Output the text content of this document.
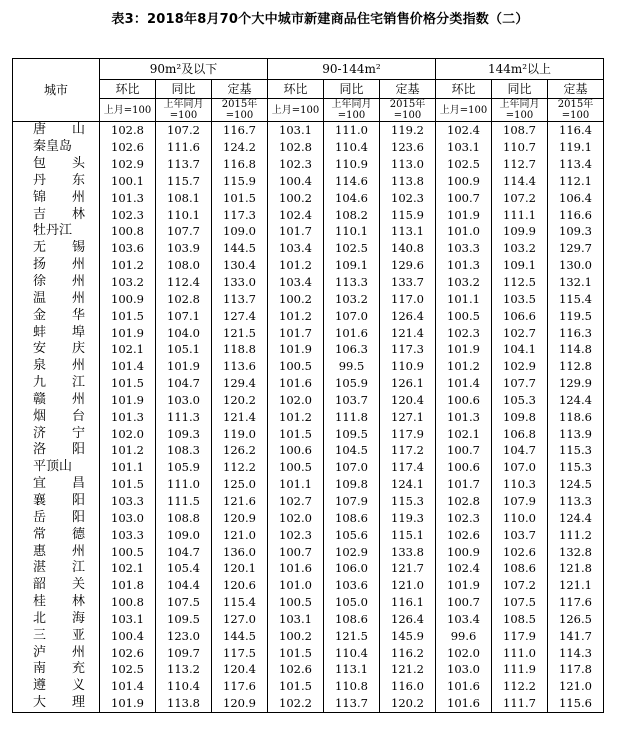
表3：2018年8月70个大中城市新建商品住宅销售价格分类指数（二）
城市	90m²及以下			90-144m²			144m²以上		
	环比	同比	定基	环比	同比	定基	环比	同比	定基
	上月=100	上年同月=100	2015年=100	上月=100	上年同月=100	2015年=100	上月=100	上年同月=100	2015年=100
唐　　山	102.8	107.2	116.7	103.1	111.0	119.2	102.4	108.7	116.4
秦皇岛	102.6	111.6	124.2	102.8	110.4	123.6	103.1	110.7	119.1
包　　头	102.9	113.7	116.8	102.3	110.9	113.0	102.5	112.7	113.4
丹　　东	100.1	115.7	115.9	100.4	114.6	113.8	100.9	114.4	112.1
锦　　州	101.3	108.1	101.5	100.2	104.6	102.3	100.7	107.2	106.4
吉　　林	102.3	110.1	117.3	102.4	108.2	115.9	101.9	111.1	116.6
牡丹江	100.8	107.7	109.0	101.7	110.1	113.1	101.0	109.9	109.3
无　　锡	103.6	103.9	144.5	103.4	102.5	140.8	103.3	103.2	129.7
扬　　州	101.2	108.0	130.4	101.2	109.1	129.6	101.3	109.1	130.0
徐　　州	103.2	112.4	133.0	103.4	113.3	133.7	103.2	112.5	132.1
温　　州	100.9	102.8	113.7	100.2	103.2	117.0	101.1	103.5	115.4
金　　华	101.5	107.1	127.4	101.2	107.0	126.4	100.5	106.6	119.5
蚌　　埠	101.9	104.0	121.5	101.7	101.6	121.4	102.3	102.7	116.3
安　　庆	102.1	105.1	118.8	101.9	106.3	117.3	101.9	104.1	114.8
泉　　州	101.4	101.9	113.6	100.5	99.5	110.9	101.2	102.9	112.8
九　　江	101.5	104.7	129.4	101.6	105.9	126.1	101.4	107.7	129.9
赣　　州	101.9	103.0	120.2	102.0	103.7	120.4	100.6	105.3	124.4
烟　　台	101.3	111.3	121.4	101.2	111.8	127.1	101.3	109.8	118.6
济　　宁	102.0	109.3	119.0	101.5	109.5	117.9	102.1	106.8	113.9
洛　　阳	101.2	108.3	126.2	100.6	104.5	117.2	100.7	104.7	115.3
平顶山	101.1	105.9	112.2	100.5	107.0	117.4	100.6	107.0	115.3
宜　　昌	101.5	111.0	125.0	101.1	109.8	124.1	101.7	110.3	124.5
襄　　阳	103.3	111.5	121.6	102.7	107.9	115.3	102.8	107.9	113.3
岳　　阳	103.0	108.8	120.9	102.0	108.6	119.3	102.3	110.0	124.4
常　　德	103.3	109.0	121.0	102.3	105.6	115.1	102.6	103.7	111.2
惠　　州	100.5	104.7	136.0	100.7	102.9	133.8	100.9	102.6	132.8
湛　　江	102.1	105.4	120.1	101.6	106.0	121.7	102.4	108.6	121.8
韶　　关	101.8	104.4	120.6	101.0	103.6	121.0	101.9	107.2	121.1
桂　　林	100.8	107.5	115.4	100.5	105.0	116.1	100.7	107.5	117.6
北　　海	103.1	109.5	127.0	103.1	108.6	126.4	103.4	108.5	126.5
三　　亚	100.4	123.0	144.5	100.2	121.5	145.9	99.6	117.9	141.7
泸　　州	102.6	109.7	117.5	101.5	110.4	116.2	102.0	111.0	114.3
南　　充	102.5	113.2	120.4	102.6	113.1	121.2	103.0	111.9	117.8
遵　　义	101.4	110.4	117.6	101.5	110.8	116.0	101.6	112.2	121.0
大　　理	101.9	113.8	120.9	102.2	113.7	120.2	101.6	111.7	115.6
